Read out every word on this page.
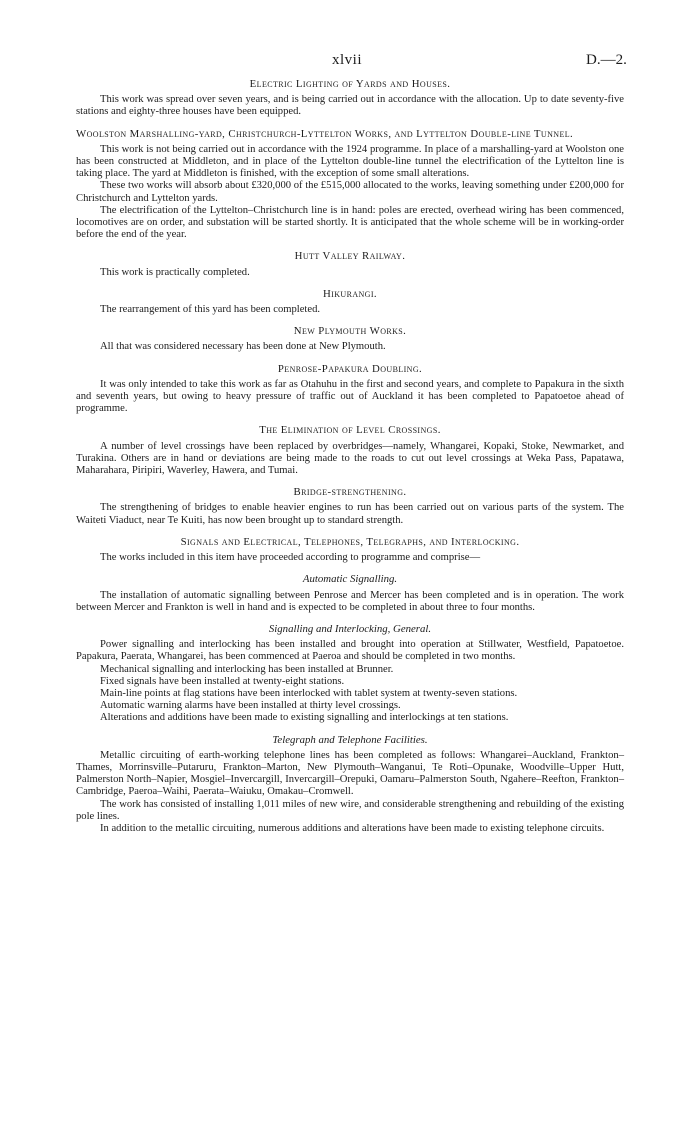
xlvii	D.—2.
Electric Lighting of Yards and Houses.

This work was spread over seven years, and is being carried out in accordance with the allocation. Up to date seventy-five stations and eighty-three houses have been equipped.

Woolston Marshalling-yard, Christchurch-Lyttelton Works, and Lyttelton Double-line Tunnel.

This work is not being carried out in accordance with the 1924 programme. In place of a marshalling-yard at Woolston one has been constructed at Middleton, and in place of the Lyttelton double-line tunnel the electrification of the Lyttelton line is taking place. The yard at Middleton is finished, with the exception of some small alterations.

These two works will absorb about £320,000 of the £515,000 allocated to the works, leaving something under £200,000 for Christchurch and Lyttelton yards.

The electrification of the Lyttelton–Christchurch line is in hand: poles are erected, overhead wiring has been commenced, locomotives are on order, and substation will be started shortly. It is anticipated that the whole scheme will be in working-order before the end of the year.

Hutt Valley Railway.

This work is practically completed.

Hikurangi.

The rearrangement of this yard has been completed.

New Plymouth Works.

All that was considered necessary has been done at New Plymouth.

Penrose-Papakura Doubling.

It was only intended to take this work as far as Otahuhu in the first and second years, and complete to Papakura in the sixth and seventh years, but owing to heavy pressure of traffic out of Auckland it has been completed to Papatoetoe ahead of programme.

The Elimination of Level Crossings.

A number of level crossings have been replaced by overbridges—namely, Whangarei, Kopaki, Stoke, Newmarket, and Turakina. Others are in hand or deviations are being made to the roads to cut out level crossings at Weka Pass, Papatawa, Maharahara, Piripiri, Waverley, Hawera, and Tumai.

Bridge-strengthening.

The strengthening of bridges to enable heavier engines to run has been carried out on various parts of the system. The Waiteti Viaduct, near Te Kuiti, has now been brought up to standard strength.

Signals and Electrical, Telephones, Telegraphs, and Interlocking.

The works included in this item have proceeded according to programme and comprise—

Automatic Signalling.

The installation of automatic signalling between Penrose and Mercer has been completed and is in operation. The work between Mercer and Frankton is well in hand and is expected to be completed in about three to four months.

Signalling and Interlocking, General.

Power signalling and interlocking has been installed and brought into operation at Stillwater, Westfield, Papatoetoe. Papakura, Paerata, Whangarei, has been commenced at Paeroa and should be completed in two months.

Mechanical signalling and interlocking has been installed at Brunner.

Fixed signals have been installed at twenty-eight stations.

Main-line points at flag stations have been interlocked with tablet system at twenty-seven stations.

Automatic warning alarms have been installed at thirty level crossings.

Alterations and additions have been made to existing signalling and interlockings at ten stations.

Telegraph and Telephone Facilities.

Metallic circuiting of earth-working telephone lines has been completed as follows: Whangarei–Auckland, Frankton–Thames, Morrinsville–Putaruru, Frankton–Marton, New Plymouth–Wanganui, Te Roti–Opunake, Woodville–Upper Hutt, Palmerston North–Napier, Mosgiel–Invercargill, Invercargill–Orepuki, Oamaru–Palmerston South, Ngahere–Reefton, Frankton–Cambridge, Paeroa–Waihi, Paerata–Waiuku, Omakau–Cromwell.

The work has consisted of installing 1,011 miles of new wire, and considerable strengthening and rebuilding of the existing pole lines.

In addition to the metallic circuiting, numerous additions and alterations have been made to existing telephone circuits.
